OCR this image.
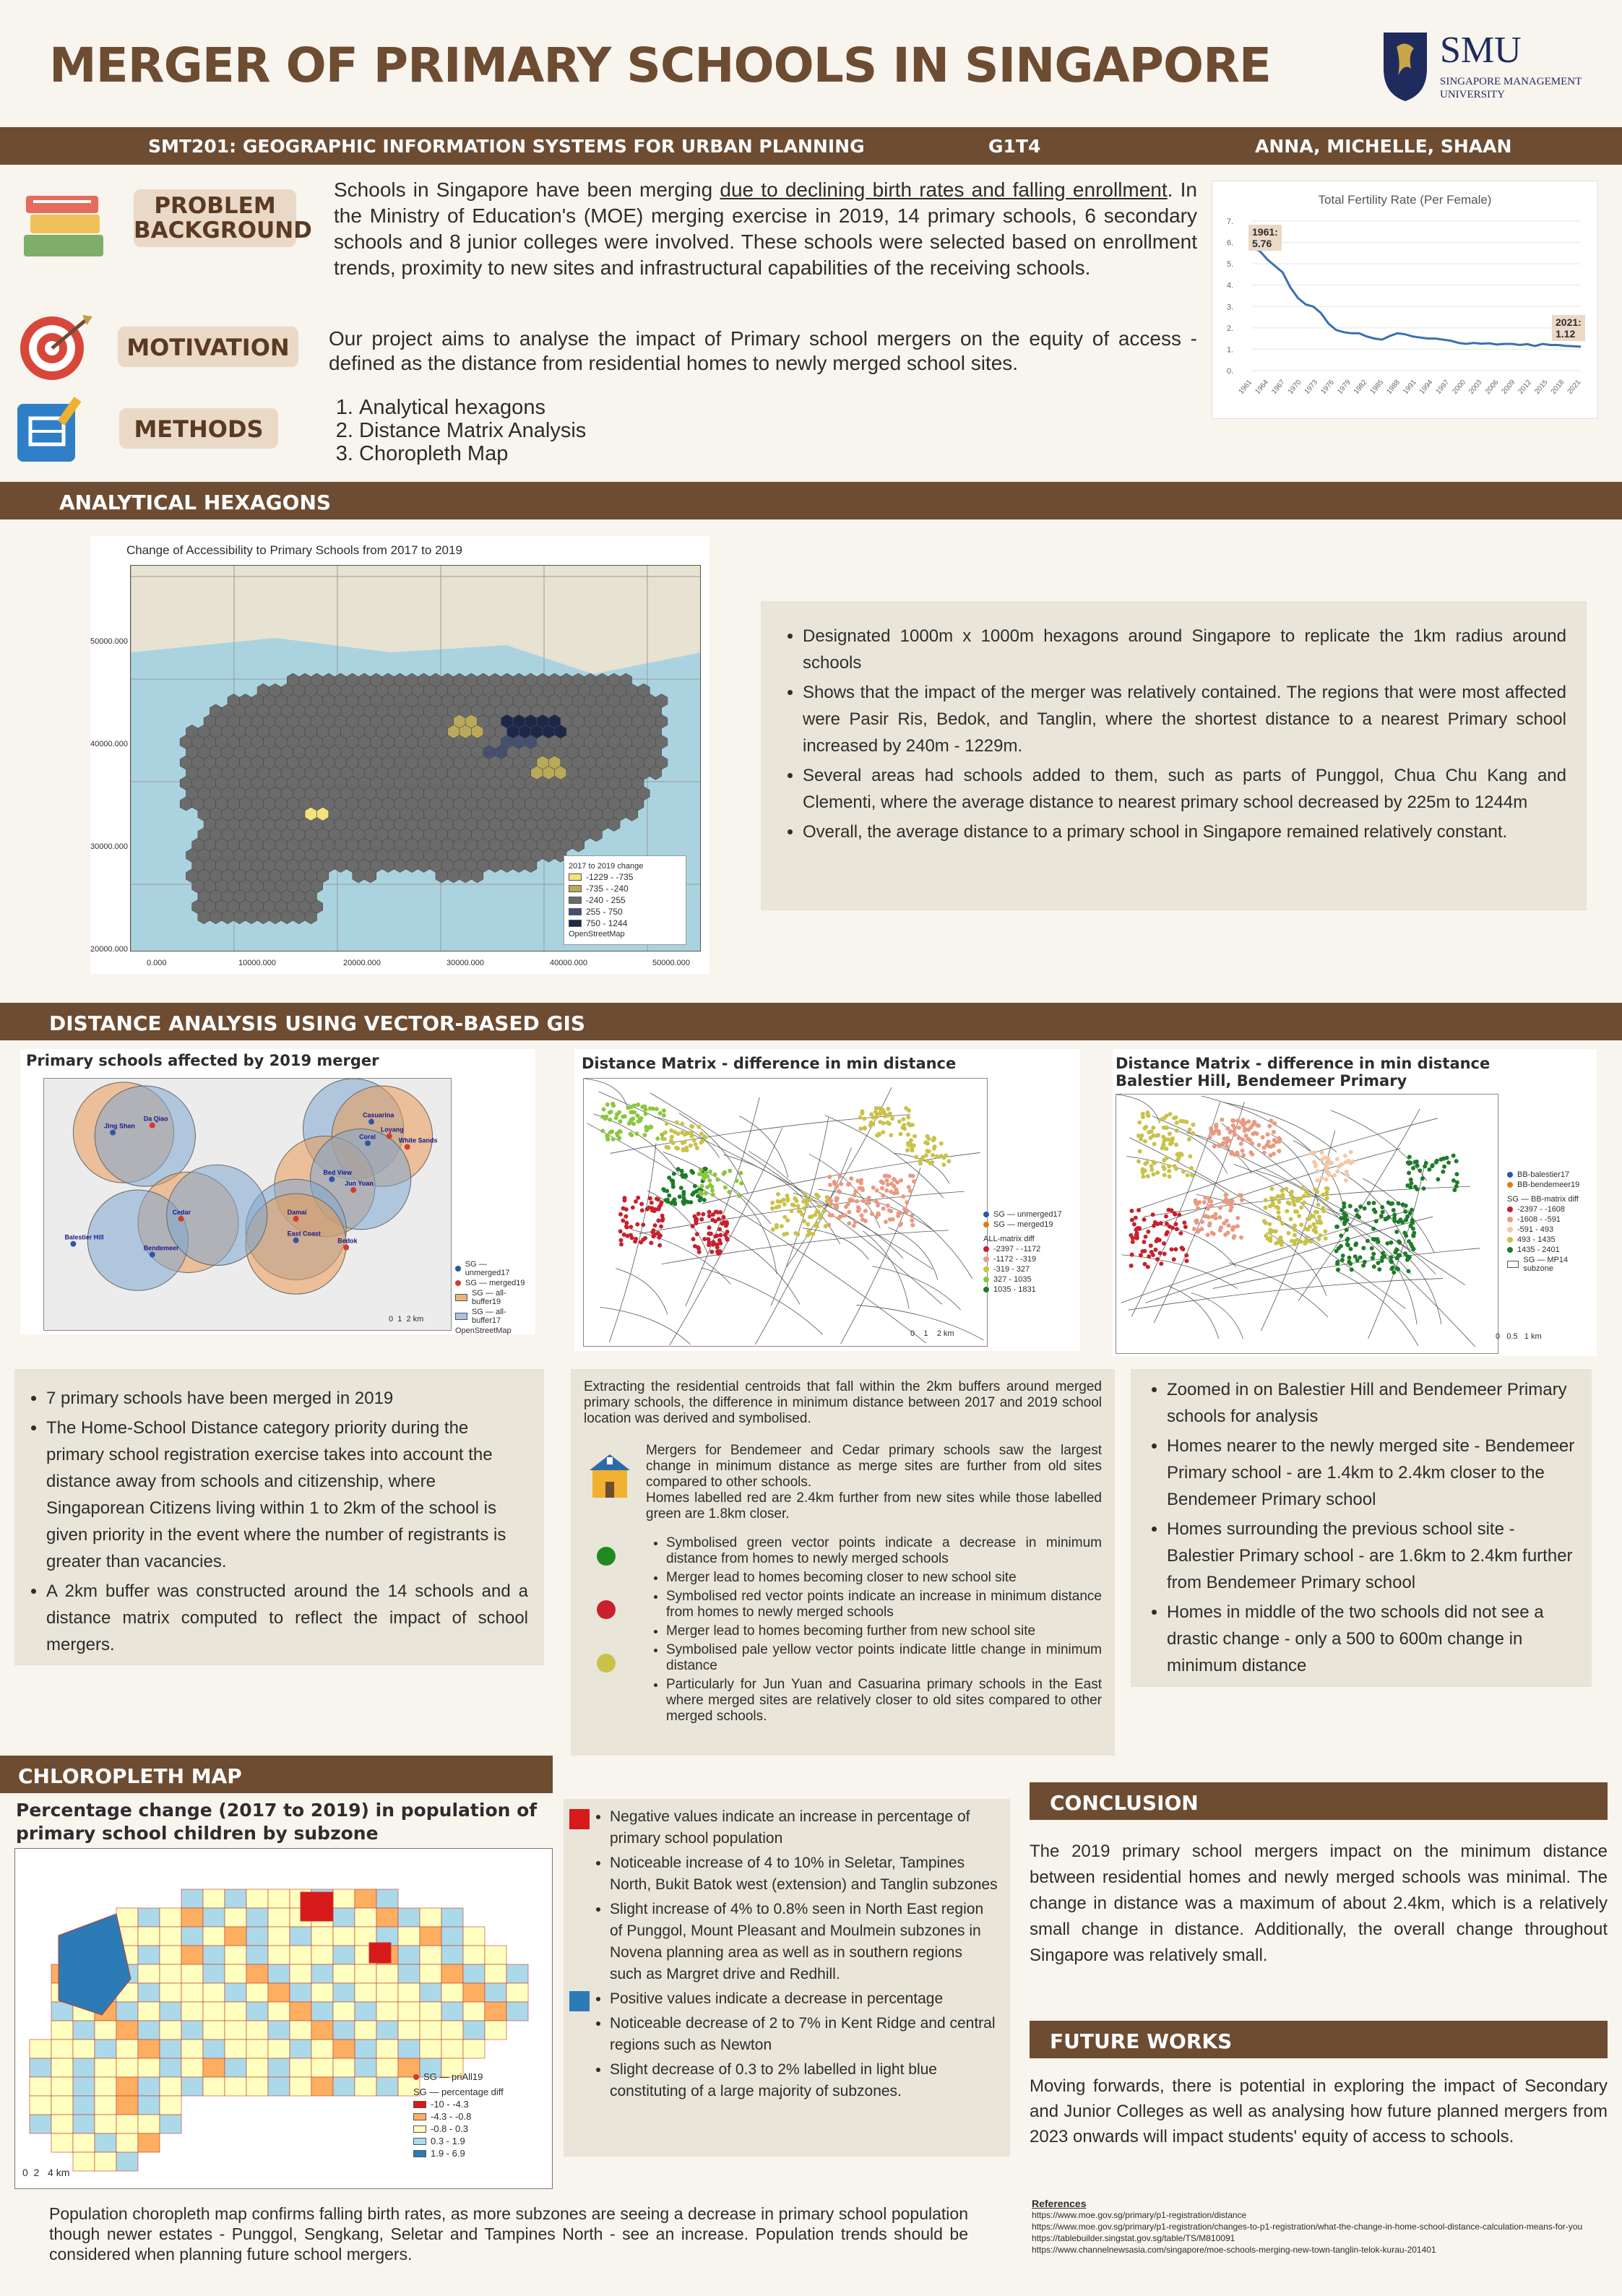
MERGER OF PRIMARY SCHOOLS IN SINGAPORE	SMU
SINGAPORE MANAGEMENT UNIVERSITY
SMT201: GEOGRAPHIC INFORMATION SYSTEMS FOR URBAN PLANNING	G1T4	ANNA, MICHELLE, SHAAN
PROBLEM BACKGROUND
Schools in Singapore have been merging due to declining birth rates and falling enrollment. In the Ministry of Education's (MOE) merging exercise in 2019, 14 primary schools, 6 secondary schools and 8 junior colleges were involved. These schools were selected based on enrollment trends, proximity to new sites and infrastructural capabilities of the receiving schools.
MOTIVATION	Our project aims to analyse the impact of Primary school mergers on the equity of access - defined as the distance from residential homes to newly merged school sites.
METHODS
1. Analytical hexagons
2. Distance Matrix Analysis
3. Choropleth Map
Total Fertility Rate (Per Female)
7.
6.
5.
4.
3.
2.
1.
0.
1961 1964 1967 1970 1973 1976 1979 1982 1985 1988 1991 1994 1997 2000 2003 2006 2009 2012 2015 2018 2021
1961:
5.76
2021:
1.12
ANALYTICAL HEXAGONS
Change of Accessibility to Primary Schools from 2017 to 2019
50000.000
40000.000
30000.000
20000.000
0.000	10000.000	20000.000	30000.000	40000.000	50000.000
2017 to 2019 change
-1229 - -735
-735 - -240
-240 - 255
255 - 750
750 - 1244
OpenStreetMap
• Designated 1000m x 1000m hexagons around Singapore to replicate the 1km radius around schools
• Shows that the impact of the merger was relatively contained. The regions that were most affected were Pasir Ris, Bedok, and Tanglin, where the shortest distance to a nearest Primary school increased by 240m - 1229m.
• Several areas had schools added to them, such as parts of Punggol, Chua Chu Kang and Clementi, where the average distance to nearest primary school decreased by 225m to 1244m
• Overall, the average distance to a primary school in Singapore remained relatively constant.
DISTANCE ANALYSIS USING VECTOR-BASED GIS
Primary schools affected by 2019 merger
Jing Shan
Da Qiao	Casuarina
Loyang
Coral	White Sands
Bed View
Jun Yuan
Balestier Hill
Cedar
Bendemeer
Damai
East Coast
Bedok
SG — unmerged17
SG — merged19
SG — all-buffer19
SG — all-buffer17
OpenStreetMap
0 1 2 km
Distance Matrix - difference in min distance
SG — unmerged17
SG — merged19
ALL-matrix diff
-2397 - -1172
-1172 - -319
-319 - 327
327 - 1035
1035 - 1831
0 1 2 km
Distance Matrix - difference in min distance
Balestier Hill, Bendemeer Primary
BB-balestier17
BB-bendemeer19
SG — BB-matrix diff
-2397 - -1608
-1608 - -591
-591 - 493
493 - 1435
1435 - 2401
SG — MP14 subzone
0 0.5 1 km
• 7 primary schools have been merged in 2019
• The Home-School Distance category priority during the primary school registration exercise takes into account the distance away from schools and citizenship, where Singaporean Citizens living within 1 to 2km of the school is given priority in the event where the number of registrants is greater than vacancies.
• A 2km buffer was constructed around the 14 schools and a distance matrix computed to reflect the impact of school mergers.
Extracting the residential centroids that fall within the 2km buffers around merged primary schools, the difference in minimum distance between 2017 and 2019 school location was derived and symbolised.
Mergers for Bendemeer and Cedar primary schools saw the largest change in minimum distance as merge sites are further from old sites compared to other schools.
Homes labelled red are 2.4km further from new sites while those labelled green are 1.8km closer.
• Symbolised green vector points indicate a decrease in minimum distance from homes to newly merged schools
• Merger lead to homes becoming closer to new school site
• Symbolised red vector points indicate an increase in minimum distance from homes to newly merged schools
• Merger lead to homes becoming further from new school site
• Symbolised pale yellow vector points indicate little change in minimum distance
• Particularly for Jun Yuan and Casuarina primary schools in the East where merged sites are relatively closer to old sites compared to other merged schools.
• Zoomed in on Balestier Hill and Bendemeer Primary schools for analysis
• Homes nearer to the newly merged site - Bendemeer Primary school - are 1.4km to 2.4km closer to the Bendemeer Primary school
• Homes surrounding the previous school site - Balestier Primary school - are 1.6km to 2.4km further from Bendemeer Primary school
• Homes in middle of the two schools did not see a drastic change - only a 500 to 600m change in minimum distance
CHLOROPLETH MAP
Percentage change (2017 to 2019) in population of primary school children by subzone
SG — priAll19
SG — percentage diff
-10 - -4.3
-4.3 - -0.8
-0.8 - 0.3
0.3 - 1.9
1.9 - 6.9
0 2 4 km
• Negative values indicate an increase in percentage of primary school population
• Noticeable increase of 4 to 10% in Seletar, Tampines North, Bukit Batok west (extension) and Tanglin subzones
• Slight increase of 4% to 0.8% seen in North East region of Punggol, Mount Pleasant and Moulmein subzones in Novena planning area as well as in southern regions such as Margret drive and Redhill.
• Positive values indicate a decrease in percentage
• Noticeable decrease of 2 to 7% in Kent Ridge and central regions such as Newton
• Slight decrease of 0.3 to 2% labelled in light blue constituting of a large majority of subzones.
Population choropleth map confirms falling birth rates, as more subzones are seeing a decrease in primary school population though newer estates - Punggol, Sengkang, Seletar and Tampines North - see an increase. Population trends should be considered when planning future school mergers.
CONCLUSION
The 2019 primary school mergers impact on the minimum distance between residential homes and newly merged schools was minimal. The change in distance was a maximum of about 2.4km, which is a relatively small change in distance. Additionally, the overall change throughout Singapore was relatively small.
FUTURE WORKS
Moving forwards, there is potential in exploring the impact of Secondary and Junior Colleges as well as analysing how future planned mergers from 2023 onwards will impact students' equity of access to schools.
References
https://www.moe.gov.sg/primary/p1-registration/distance
https://www.moe.gov.sg/primary/p1-registration/changes-to-p1-registration/what-the-change-in-home-school-distance-calculation-means-for-you
https://tablebuilder.singstat.gov.sg/table/TS/M810091
https://www.channelnewsasia.com/singapore/moe-schools-merging-new-town-tanglin-telok-kurau-201401
